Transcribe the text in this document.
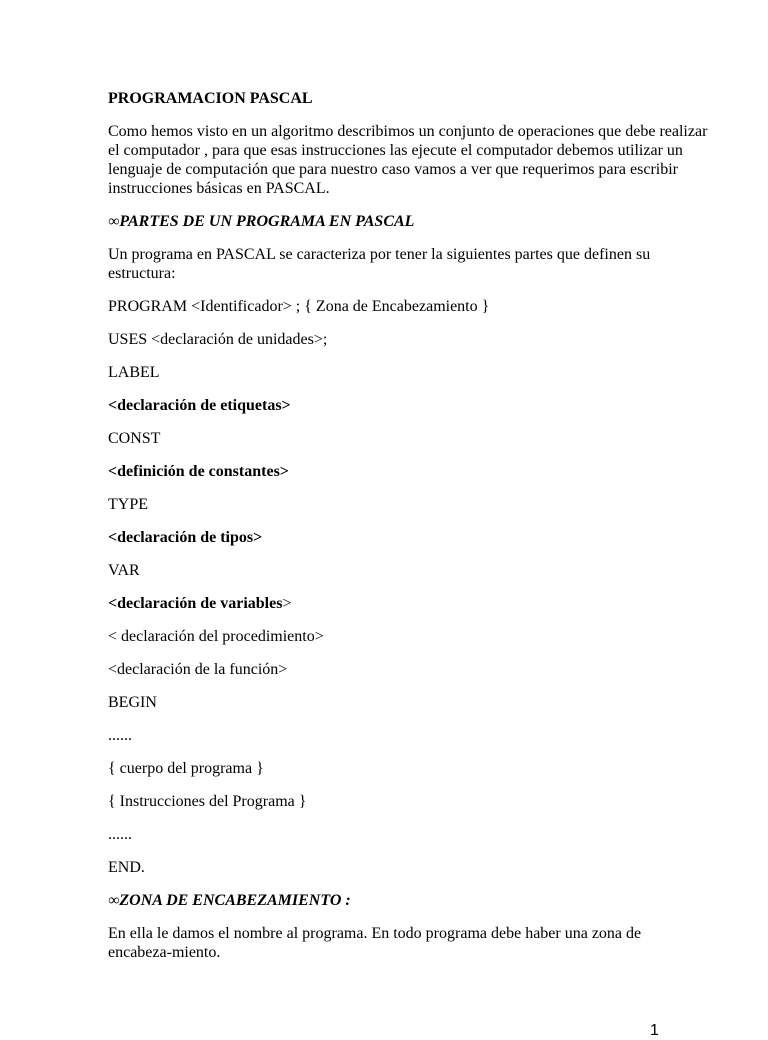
PROGRAMACION PASCAL
Como hemos visto en un algoritmo describimos un conjunto de operaciones que debe realizar el computador , para que esas instrucciones las ejecute el computador debemos utilizar un lenguaje de computación que para nuestro caso vamos a ver que requerimos para escribir instrucciones básicas en PASCAL.
∞PARTES DE UN PROGRAMA EN PASCAL
Un programa en PASCAL se caracteriza por tener la siguientes partes que definen su estructura:
PROGRAM <Identificador> ; { Zona de Encabezamiento }
USES <declaración de unidades>;
LABEL
<declaración de etiquetas>
CONST
<definición de constantes>
TYPE
<declaración de tipos>
VAR
<declaración de variables>
< declaración del procedimiento>
<declaración de la función>
BEGIN
......
{ cuerpo del programa }
{ Instrucciones del Programa }
......
END.
∞ZONA DE ENCABEZAMIENTO :
En ella le damos el nombre al programa. En todo programa debe haber una zona de encabeza-miento.
1
